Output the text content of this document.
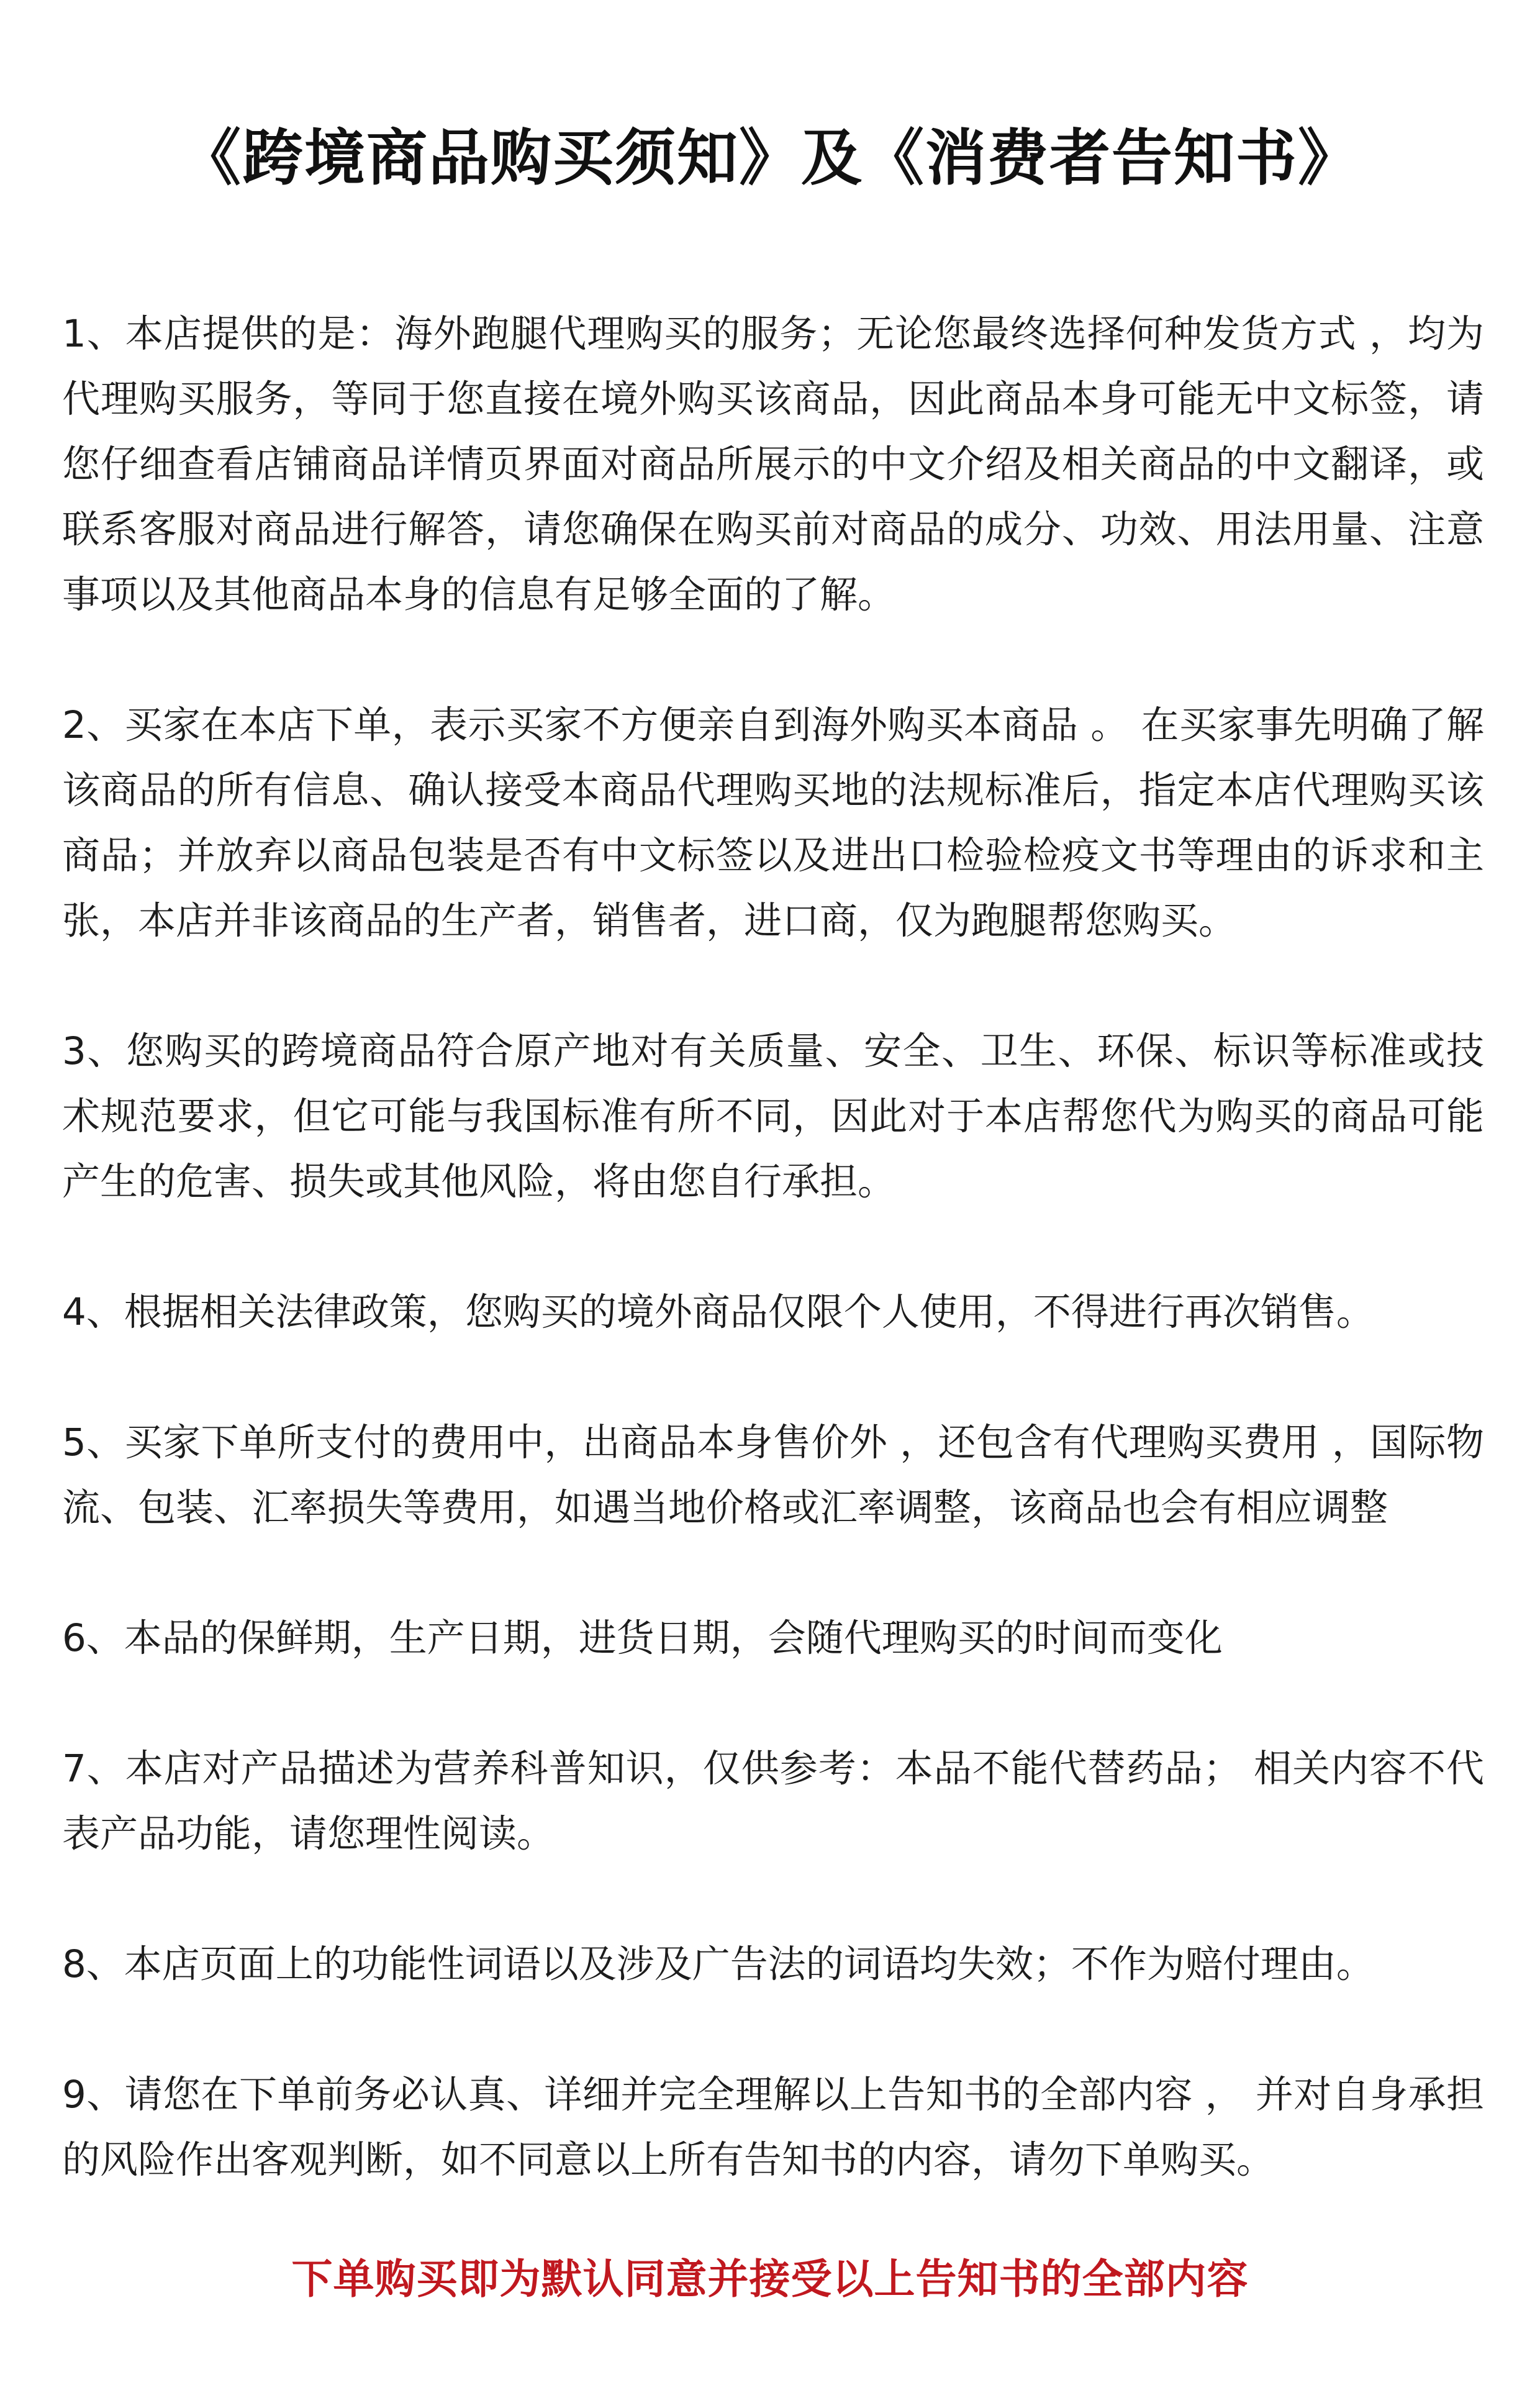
《跨境商品购买须知》及《消费者告知书》

1、本店提供的是：海外跑腿代理购买的服务；无论您最终选择何种发货方式 ，均为代理购买服务，等同于您直接在境外购买该商品，因此商品本身可能无中文标签，请您仔细查看店铺商品详情页界面对商品所展示的中文介绍及相关商品的中文翻译，或联系客服对商品进行解答，请您确保在购买前对商品的成分、功效、用法用量、注意事项以及其他商品本身的信息有足够全面的了解。

2、买家在本店下单，表示买家不方便亲自到海外购买本商品 。 在买家事先明确了解该商品的所有信息、确认接受本商品代理购买地的法规标准后，指定本店代理购买该商品；并放弃以商品包装是否有中文标签以及进出口检验检疫文书等理由的诉求和主张，本店并非该商品的生产者，销售者，进口商，仅为跑腿帮您购买。

3、您购买的跨境商品符合原产地对有关质量、安全、卫生、环保、标识等标准或技术规范要求，但它可能与我国标准有所不同，因此对于本店帮您代为购买的商品可能产生的危害、损失或其他风险，将由您自行承担。

4、根据相关法律政策，您购买的境外商品仅限个人使用，不得进行再次销售。

5、买家下单所支付的费用中，出商品本身售价外 ，还包含有代理购买费用 ，国际物流、包装、汇率损失等费用，如遇当地价格或汇率调整，该商品也会有相应调整

6、本品的保鲜期，生产日期，进货日期，会随代理购买的时间而变化

7、本店对产品描述为营养科普知识，仅供参考：本品不能代替药品； 相关内容不代表产品功能，请您理性阅读。

8、本店页面上的功能性词语以及涉及广告法的词语均失效；不作为赔付理由。

9、请您在下单前务必认真、详细并完全理解以上告知书的全部内容 ， 并对自身承担的风险作出客观判断，如不同意以上所有告知书的内容，请勿下单购买。

下单购买即为默认同意并接受以上告知书的全部内容
